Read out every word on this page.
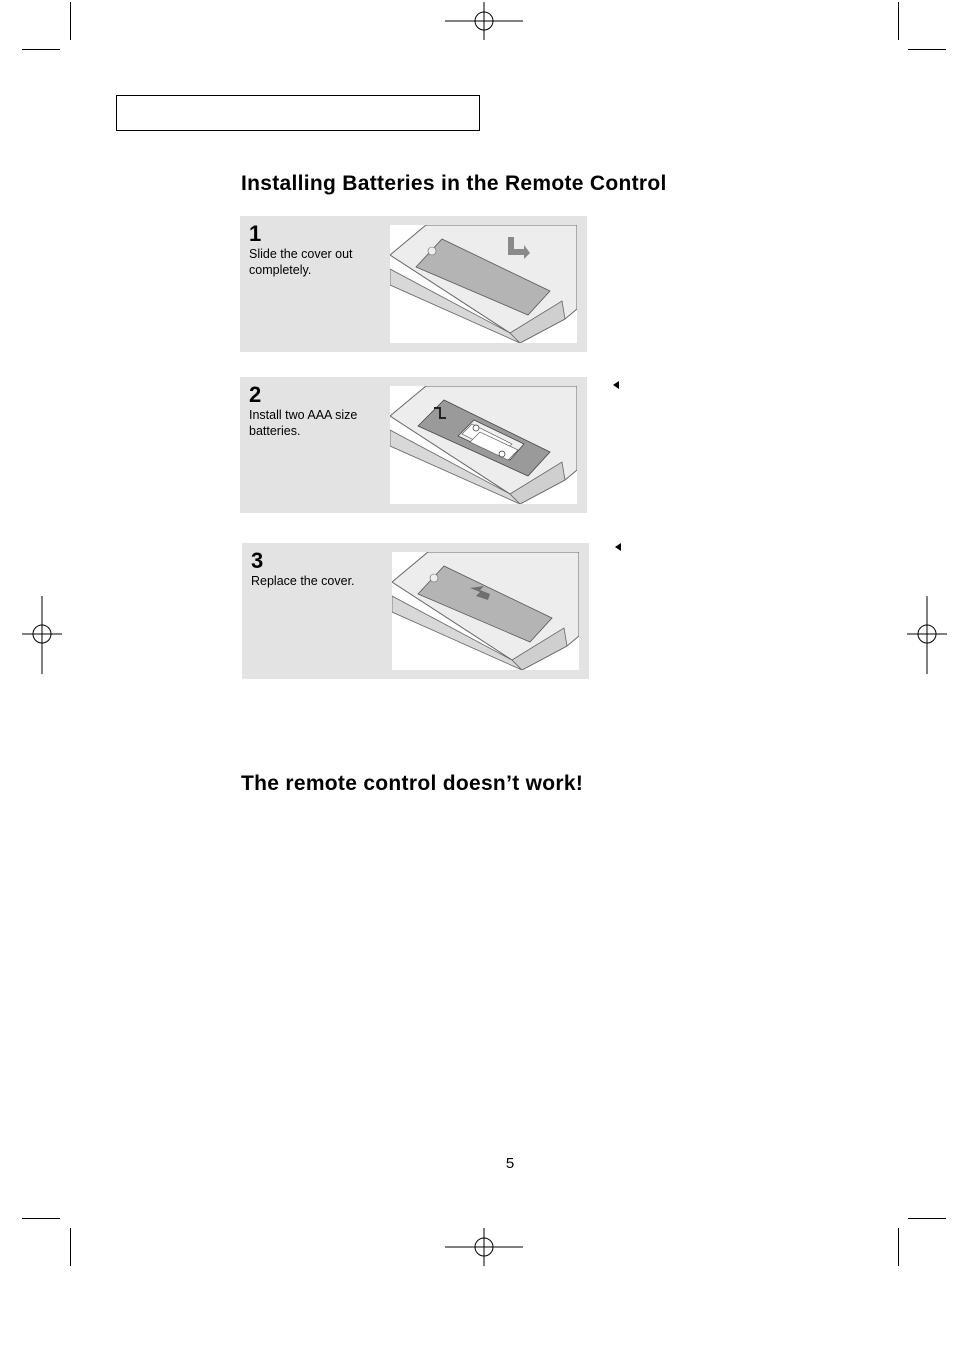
Installing Batteries in the Remote Control
1
Slide the cover out completely.
2
Install two AAA size batteries.
3
Replace the cover.
The remote control doesn’t work!
5
